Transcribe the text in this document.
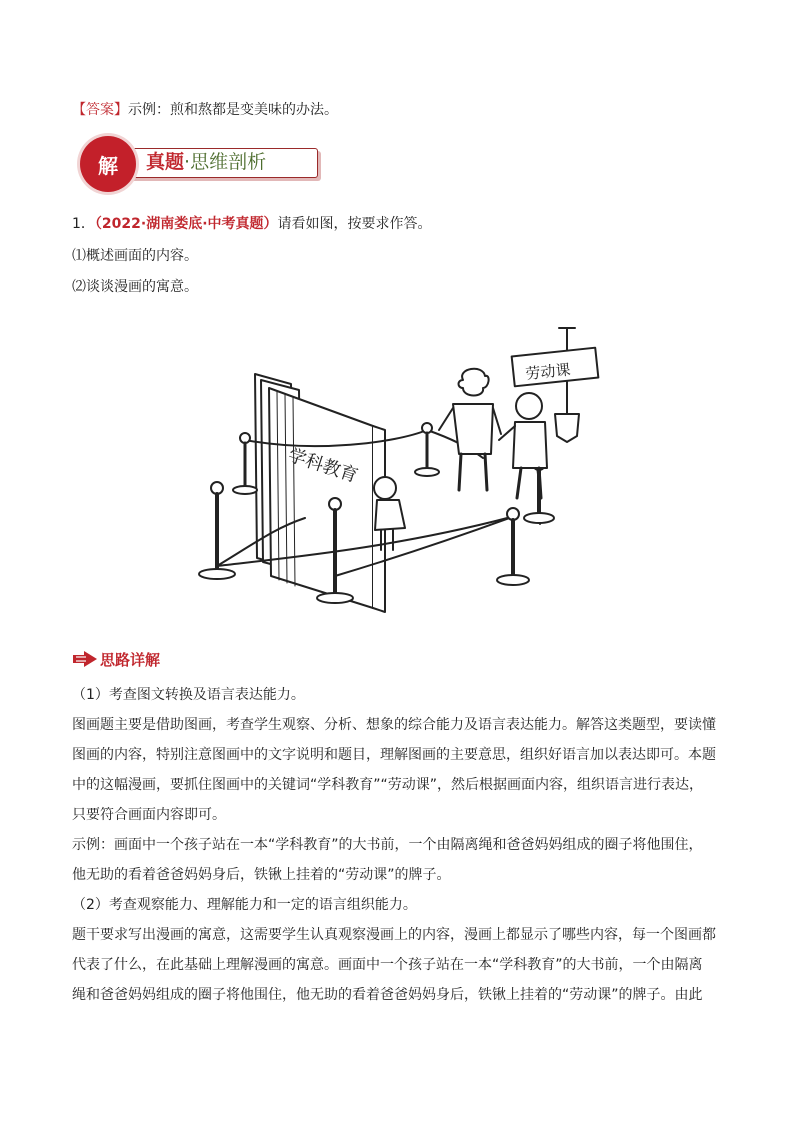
【答案】示例：煎和熬都是变美味的办法。
解 真题·思维剖析
1．（2022·湖南娄底·中考真题）请看如图，按要求作答。
⑴概述画面的内容。
⑵谈谈漫画的寓意。
学科教育
劳动课
思路详解
（1）考查图文转换及语言表达能力。
图画题主要是借助图画，考查学生观察、分析、想象的综合能力及语言表达能力。解答这类题型，要读懂
图画的内容，特别注意图画中的文字说明和题目，理解图画的主要意思，组织好语言加以表达即可。本题
中的这幅漫画，要抓住图画中的关键词“学科教育”“劳动课”，然后根据画面内容，组织语言进行表达，
只要符合画面内容即可。
示例：画面中一个孩子站在一本“学科教育”的大书前，一个由隔离绳和爸爸妈妈组成的圈子将他围住，
他无助的看着爸爸妈妈身后，铁锹上挂着的“劳动课”的牌子。
（2）考查观察能力、理解能力和一定的语言组织能力。
题干要求写出漫画的寓意，这需要学生认真观察漫画上的内容，漫画上都显示了哪些内容，每一个图画都
代表了什么，在此基础上理解漫画的寓意。画面中一个孩子站在一本“学科教育”的大书前，一个由隔离
绳和爸爸妈妈组成的圈子将他围住，他无助的看着爸爸妈妈身后，铁锹上挂着的“劳动课”的牌子。由此
